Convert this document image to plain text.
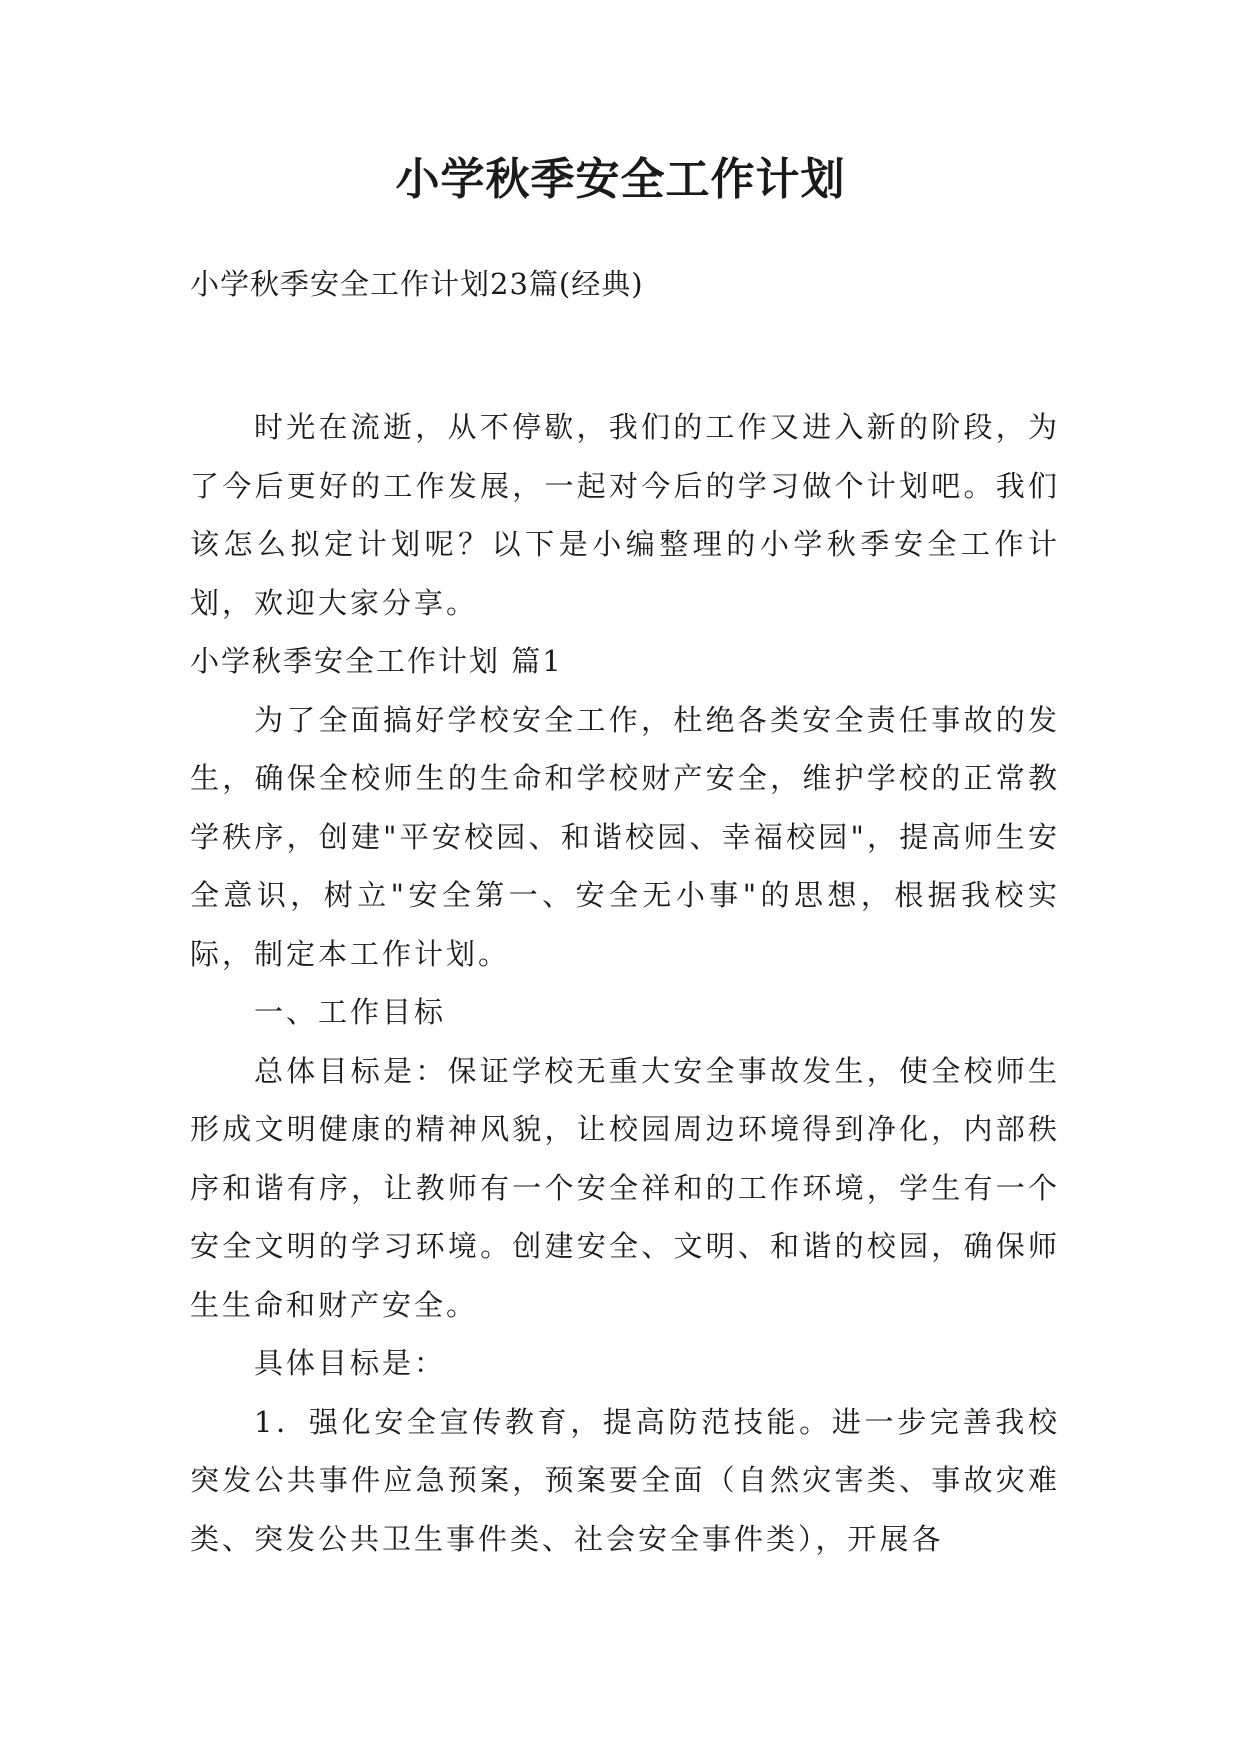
小学秋季安全工作计划
小学秋季安全工作计划23篇(经典)

时光在流逝，从不停歇，我们的工作又进入新的阶段，为了今后更好的工作发展，一起对今后的学习做个计划吧。我们该怎么拟定计划呢？以下是小编整理的小学秋季安全工作计划，欢迎大家分享。

小学秋季安全工作计划 篇1

为了全面搞好学校安全工作，杜绝各类安全责任事故的发生，确保全校师生的生命和学校财产安全，维护学校的正常教学秩序，创建"平安校园、和谐校园、幸福校园"，提高师生安全意识，树立"安全第一、安全无小事"的思想，根据我校实际，制定本工作计划。

一、工作目标

总体目标是：保证学校无重大安全事故发生，使全校师生形成文明健康的精神风貌，让校园周边环境得到净化，内部秩序和谐有序，让教师有一个安全祥和的工作环境，学生有一个安全文明的学习环境。创建安全、文明、和谐的校园，确保师生生命和财产安全。

具体目标是：

1．强化安全宣传教育，提高防范技能。进一步完善我校突发公共事件应急预案，预案要全面（自然灾害类、事故灾难类、突发公共卫生事件类、社会安全事件类），开展各
